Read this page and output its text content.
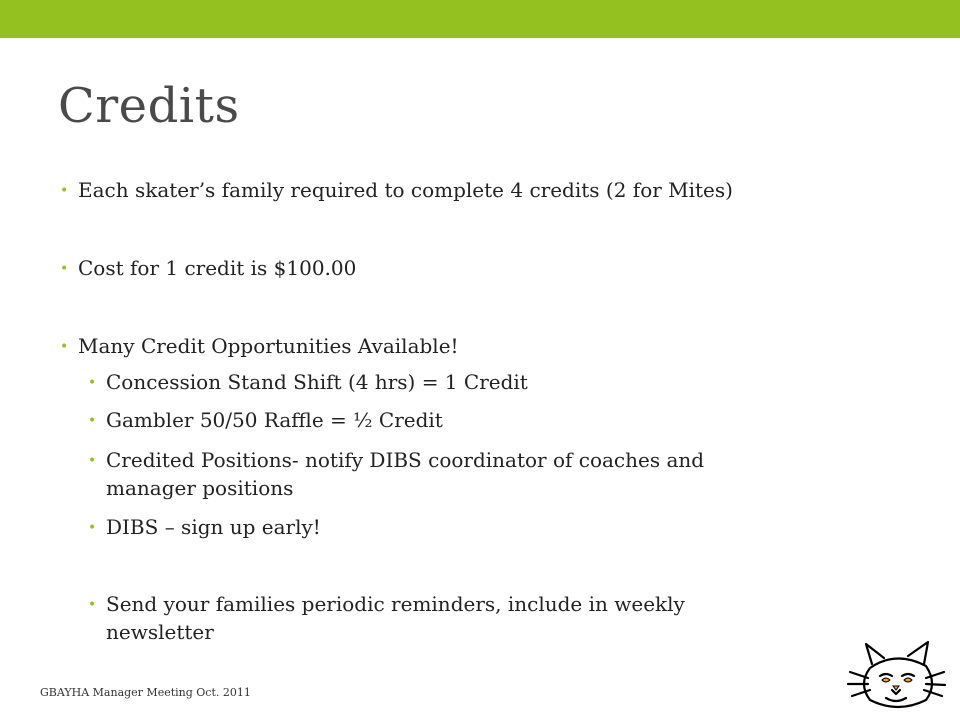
Credits
• Each skater’s family required to complete 4 credits (2 for Mites)
• Cost for 1 credit is $100.00
• Many Credit Opportunities Available!
• Concession Stand Shift (4 hrs) = 1 Credit
• Gambler 50/50 Raffle = ½ Credit
• Credited Positions- notify DIBS coordinator of coaches and
manager positions
• DIBS – sign up early!
• Send your families periodic reminders, include in weekly
newsletter
GBAYHA Manager Meeting Oct. 2011
